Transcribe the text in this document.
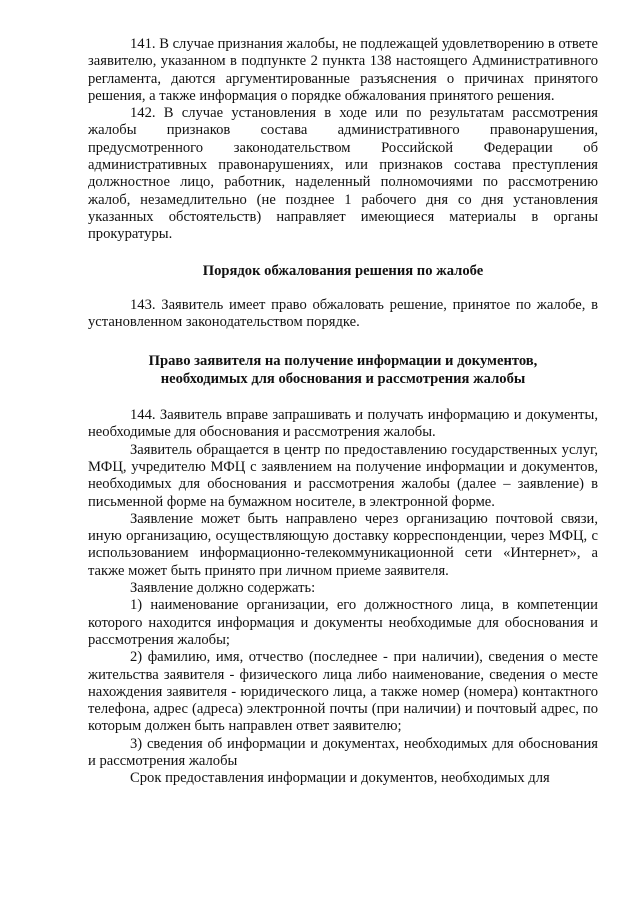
141. В случае признания жалобы, не подлежащей удовлетворению в ответе заявителю, указанном в подпункте 2 пункта 138 настоящего Административного регламента, даются аргументированные разъяснения о причинах принятого решения, а также информация о порядке обжалования принятого решения.

142. В случае установления в ходе или по результатам рассмотрения жалобы признаков состава административного правонарушения, предусмотренного законодательством Российской Федерации об административных правонарушениях, или признаков состава преступления должностное лицо, работник, наделенный полномочиями по рассмотрению жалоб, незамедлительно (не позднее 1 рабочего дня со дня установления указанных обстоятельств) направляет имеющиеся материалы в органы прокуратуры.

Порядок обжалования решения по жалобе

143. Заявитель имеет право обжаловать решение, принятое по жалобе, в установленном законодательством порядке.

Право заявителя на получение информации и документов,

необходимых для обоснования и рассмотрения жалобы

144. Заявитель вправе запрашивать и получать информацию и документы, необходимые для обоснования и рассмотрения жалобы.

Заявитель обращается в центр по предоставлению государственных услуг, МФЦ, учредителю МФЦ с заявлением на получение информации и документов, необходимых для обоснования и рассмотрения жалобы (далее – заявление) в письменной форме на бумажном носителе, в электронной форме.

Заявление может быть направлено через организацию почтовой связи, иную организацию, осуществляющую доставку корреспонденции, через МФЦ, с использованием информационно-телекоммуникационной сети «Интернет», а также может быть принято при личном приеме заявителя.

Заявление должно содержать:

1) наименование организации, его должностного лица, в компетенции которого находится информация и документы необходимые для обоснования и рассмотрения жалобы;

2) фамилию, имя, отчество (последнее - при наличии), сведения о месте жительства заявителя - физического лица либо наименование, сведения о месте нахождения заявителя - юридического лица, а также номер (номера) контактного телефона, адрес (адреса) электронной почты (при наличии) и почтовый адрес, по которым должен быть направлен ответ заявителю;

3) сведения об информации и документах, необходимых для обоснования и рассмотрения жалобы

Срок предоставления информации и документов, необходимых для
